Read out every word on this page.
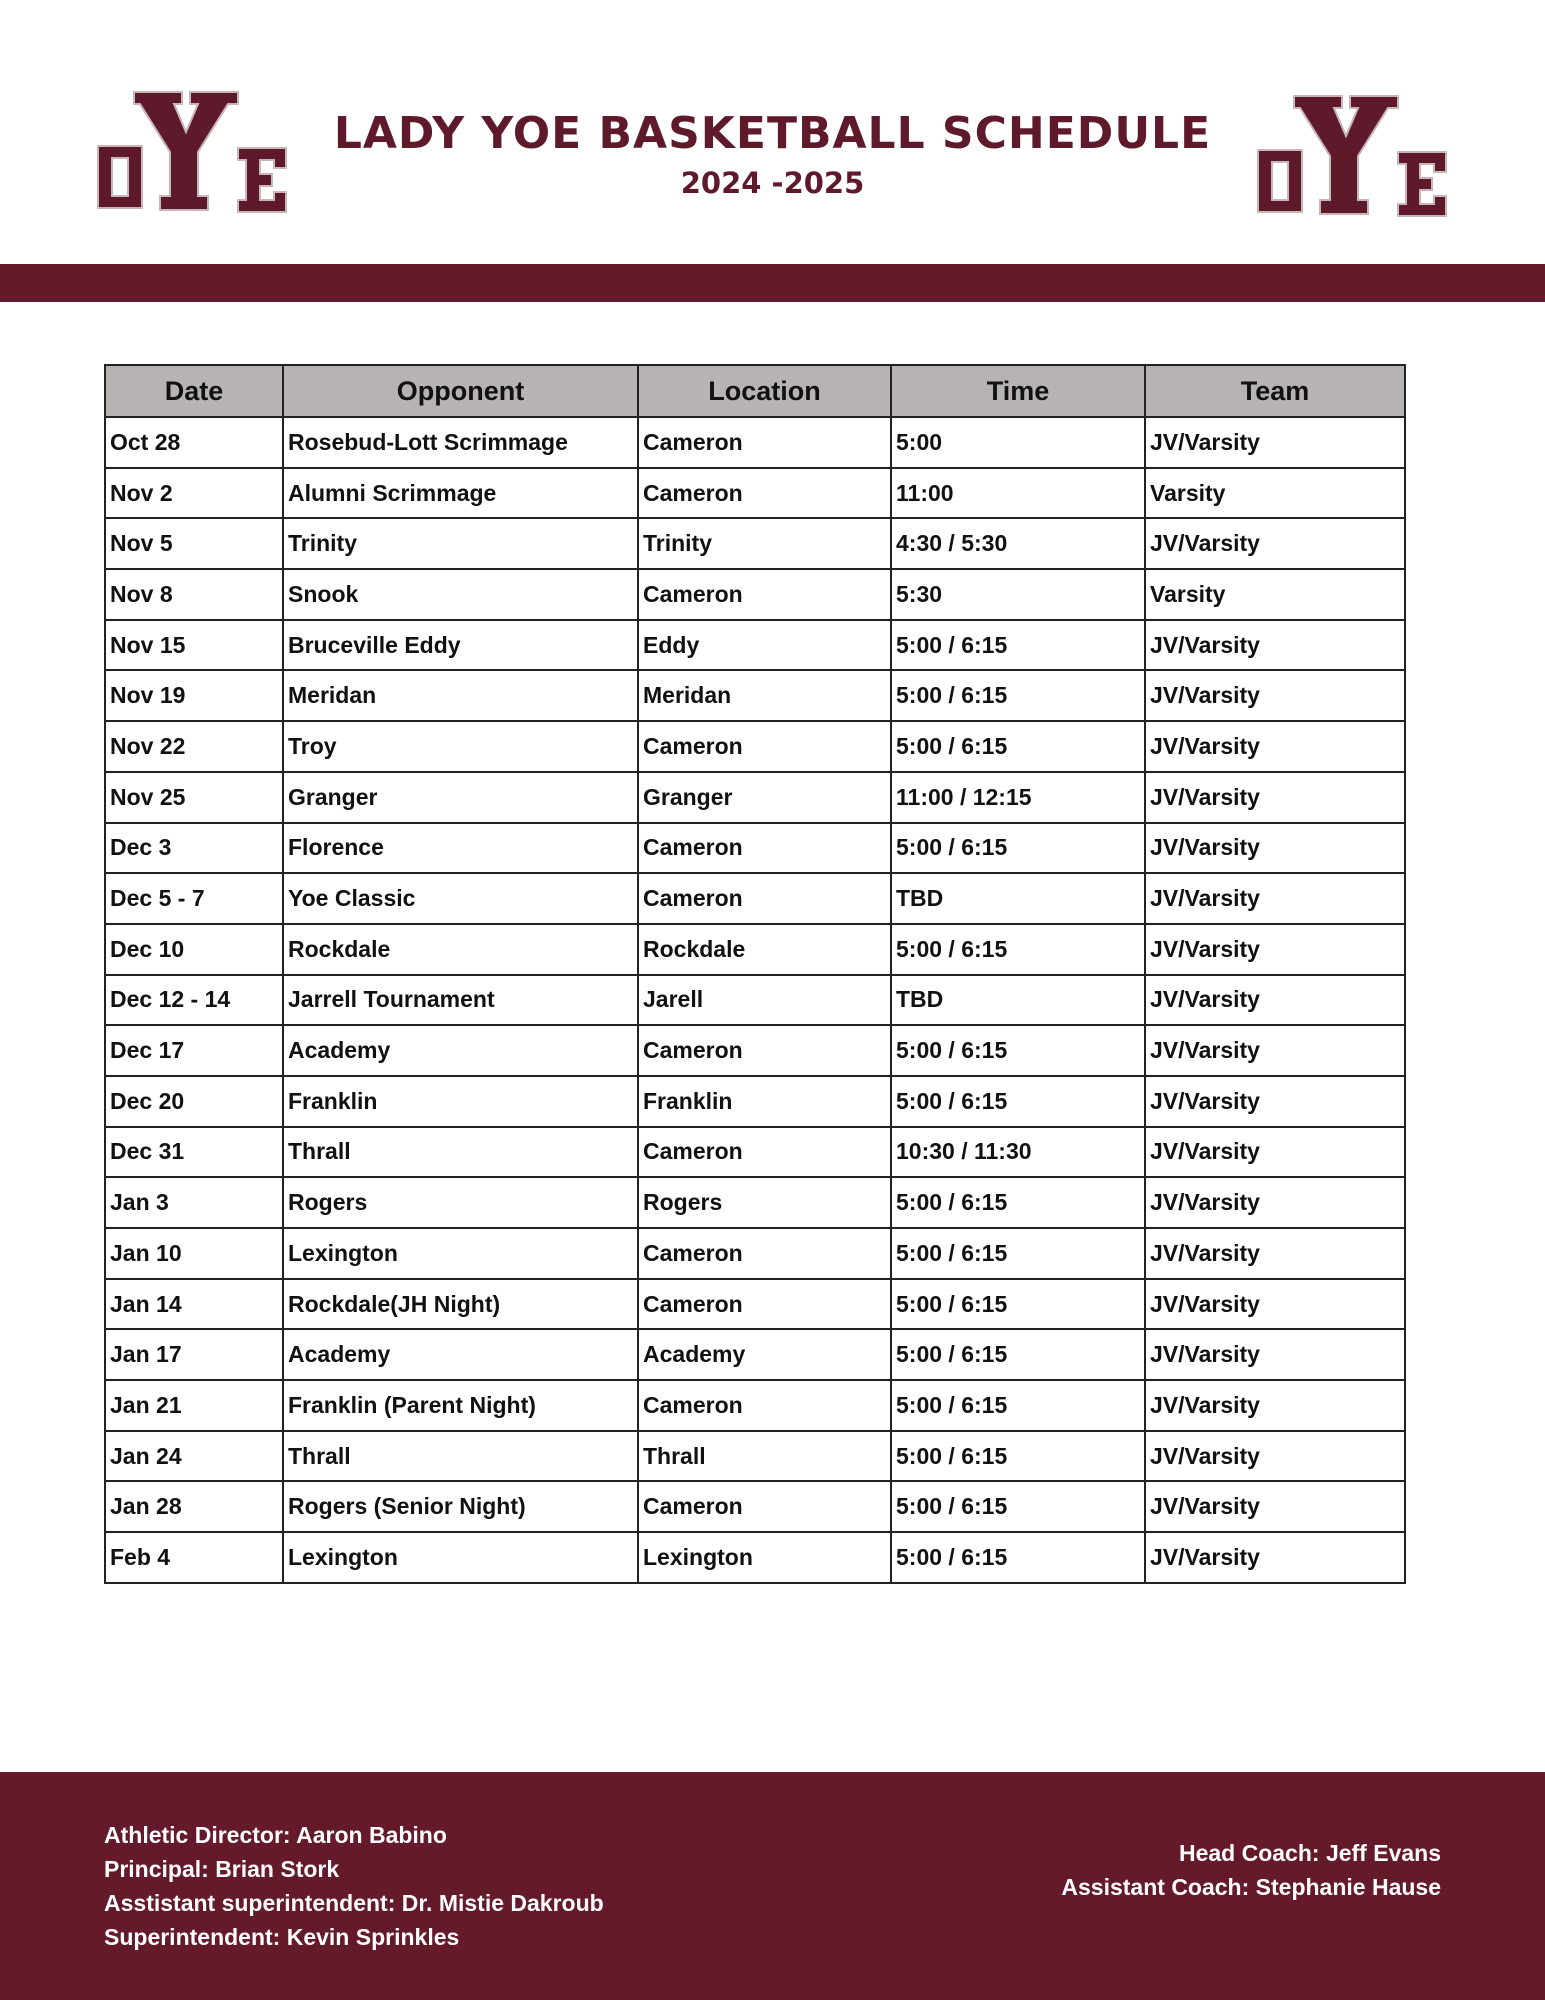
LADY YOE BASKETBALL SCHEDULE
2024 -2025
Date	Opponent	Location	Time	Team
Oct 28	Rosebud-Lott Scrimmage	Cameron	5:00	JV/Varsity
Nov 2	Alumni Scrimmage	Cameron	11:00	Varsity
Nov 5	Trinity	Trinity	4:30 / 5:30	JV/Varsity
Nov 8	Snook	Cameron	5:30	Varsity
Nov 15	Bruceville Eddy	Eddy	5:00 / 6:15	JV/Varsity
Nov 19	Meridan	Meridan	5:00 / 6:15	JV/Varsity
Nov 22	Troy	Cameron	5:00 / 6:15	JV/Varsity
Nov 25	Granger	Granger	11:00 / 12:15	JV/Varsity
Dec 3	Florence	Cameron	5:00 / 6:15	JV/Varsity
Dec 5 - 7	Yoe Classic	Cameron	TBD	JV/Varsity
Dec 10	Rockdale	Rockdale	5:00 / 6:15	JV/Varsity
Dec 12 - 14	Jarrell Tournament	Jarell	TBD	JV/Varsity
Dec 17	Academy	Cameron	5:00 / 6:15	JV/Varsity
Dec 20	Franklin	Franklin	5:00 / 6:15	JV/Varsity
Dec 31	Thrall	Cameron	10:30 / 11:30	JV/Varsity
Jan 3	Rogers	Rogers	5:00 / 6:15	JV/Varsity
Jan 10	Lexington	Cameron	5:00 / 6:15	JV/Varsity
Jan 14	Rockdale(JH Night)	Cameron	5:00 / 6:15	JV/Varsity
Jan 17	Academy	Academy	5:00 / 6:15	JV/Varsity
Jan 21	Franklin (Parent Night)	Cameron	5:00 / 6:15	JV/Varsity
Jan 24	Thrall	Thrall	5:00 / 6:15	JV/Varsity
Jan 28	Rogers (Senior Night)	Cameron	5:00 / 6:15	JV/Varsity
Feb 4	Lexington	Lexington	5:00 / 6:15	JV/Varsity
Athletic Director: Aaron Babino
Principal: Brian Stork
Asstistant superintendent: Dr. Mistie Dakroub
Superintendent: Kevin Sprinkles
Head Coach: Jeff Evans
Assistant Coach: Stephanie Hause
